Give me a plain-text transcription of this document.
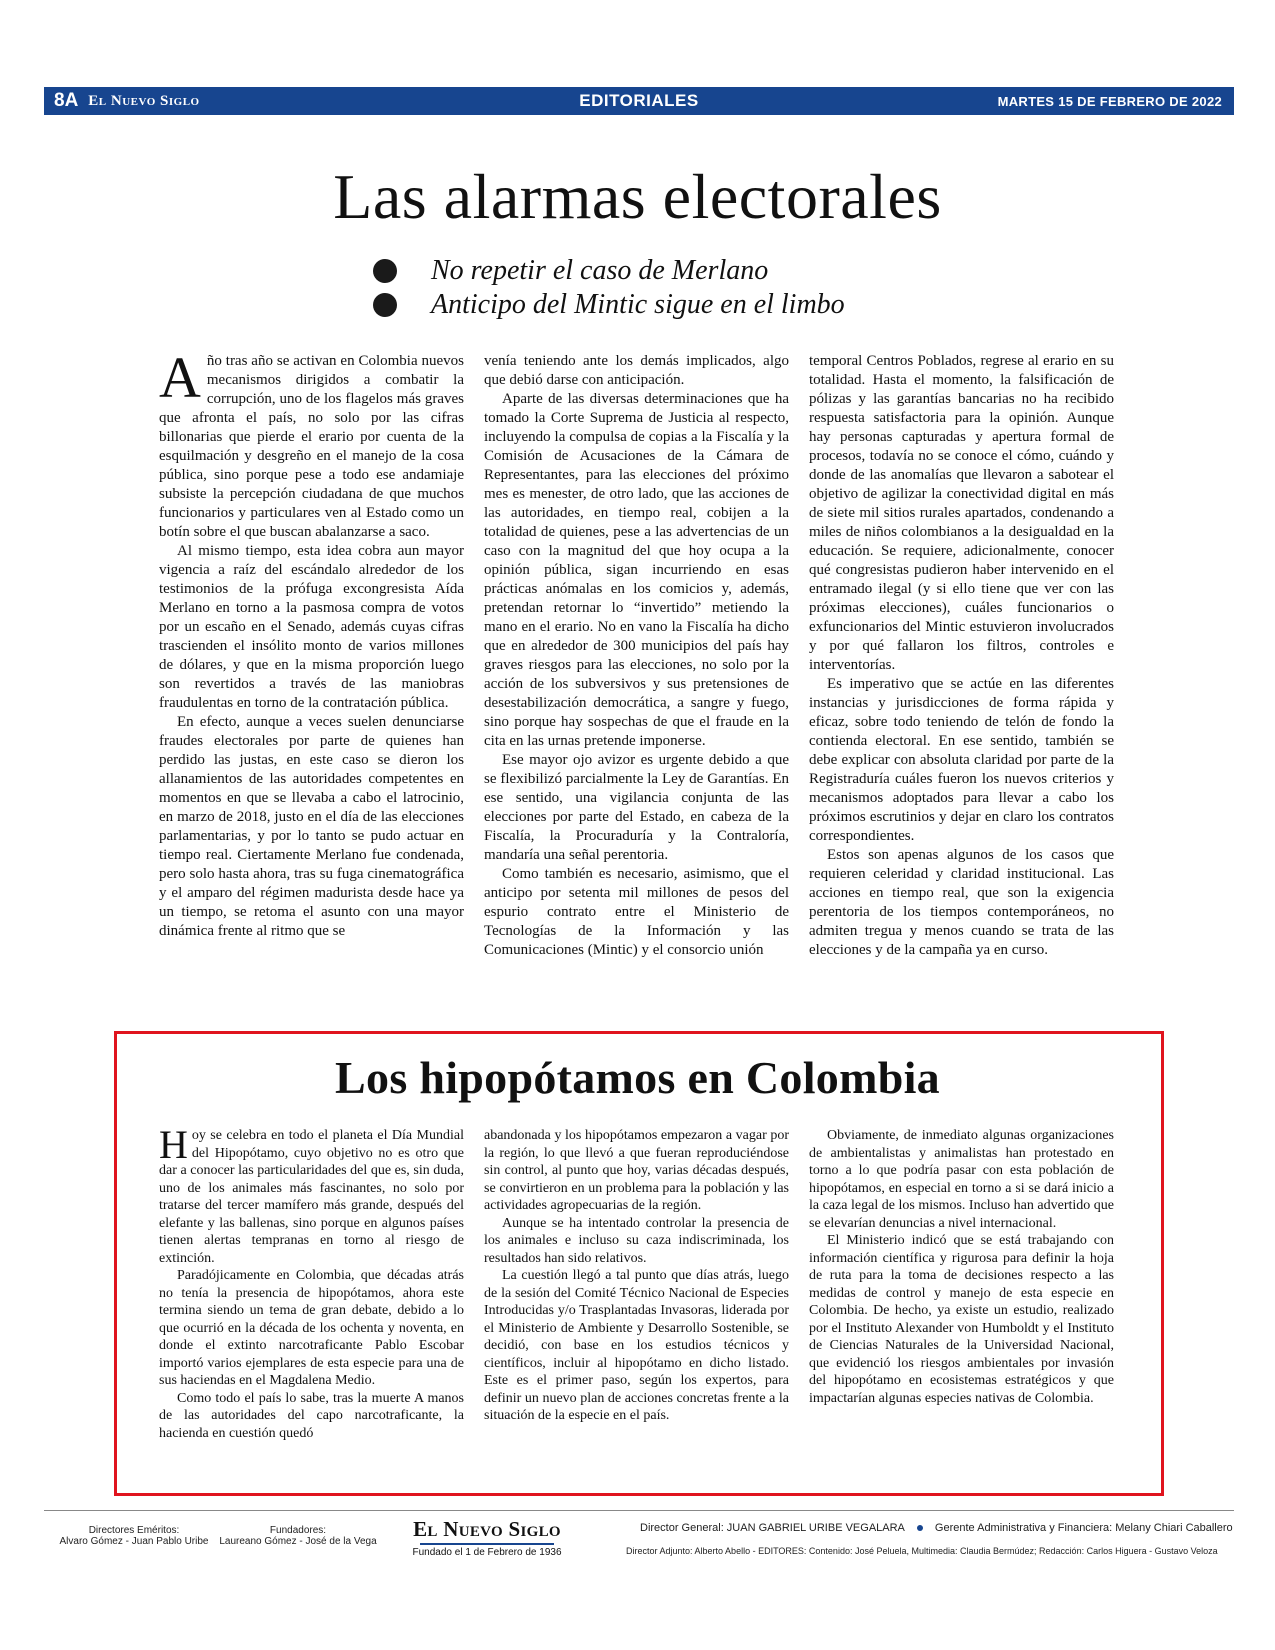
8A El Nuevo Siglo	EDITORIALES	MARTES 15 DE FEBRERO DE 2022
Las alarmas electorales
No repetir el caso de Merlano
Anticipo del Mintic sigue en el limbo

Año tras año se activan en Colombia nuevos mecanismos dirigidos a combatir la corrupción, uno de los flagelos más graves que afronta el país, no solo por las cifras billonarias que pierde el erario por cuenta de la esquilmación y desgreño en el manejo de la cosa pública, sino porque pese a todo ese andamiaje subsiste la percepción ciudadana de que muchos funcionarios y particulares ven al Estado como un botín sobre el que buscan abalanzarse a saco.

Al mismo tiempo, esta idea cobra aun mayor vigencia a raíz del escándalo alrededor de los testimonios de la prófuga excongresista Aída Merlano en torno a la pasmosa compra de votos por un escaño en el Senado, además cuyas cifras trascienden el insólito monto de varios millones de dólares, y que en la misma proporción luego son revertidos a través de las maniobras fraudulentas en torno de la contratación pública.

En efecto, aunque a veces suelen denunciarse fraudes electorales por parte de quienes han perdido las justas, en este caso se dieron los allanamientos de las autoridades competentes en momentos en que se llevaba a cabo el latrocinio, en marzo de 2018, justo en el día de las elecciones parlamentarias, y por lo tanto se pudo actuar en tiempo real. Ciertamente Merlano fue condenada, pero solo hasta ahora, tras su fuga cinematográfica y el amparo del régimen madurista desde hace ya un tiempo, se retoma el asunto con una mayor dinámica frente al ritmo que se

venía teniendo ante los demás implicados, algo que debió darse con anticipación.

Aparte de las diversas determinaciones que ha tomado la Corte Suprema de Justicia al respecto, incluyendo la compulsa de copias a la Fiscalía y la Comisión de Acusaciones de la Cámara de Representantes, para las elecciones del próximo mes es menester, de otro lado, que las acciones de las autoridades, en tiempo real, cobijen a la totalidad de quienes, pese a las advertencias de un caso con la magnitud del que hoy ocupa a la opinión pública, sigan incurriendo en esas prácticas anómalas en los comicios y, además, pretendan retornar lo “invertido” metiendo la mano en el erario. No en vano la Fiscalía ha dicho que en alrededor de 300 municipios del país hay graves riesgos para las elecciones, no solo por la acción de los subversivos y sus pretensiones de desestabilización democrática, a sangre y fuego, sino porque hay sospechas de que el fraude en la cita en las urnas pretende imponerse.

Ese mayor ojo avizor es urgente debido a que se flexibilizó parcialmente la Ley de Garantías. En ese sentido, una vigilancia conjunta de las elecciones por parte del Estado, en cabeza de la Fiscalía, la Procuraduría y la Contraloría, mandaría una señal perentoria.

Como también es necesario, asimismo, que el anticipo por setenta mil millones de pesos del espurio contrato entre el Ministerio de Tecnologías de la Información y las Comunicaciones (Mintic) y el consorcio unión

temporal Centros Poblados, regrese al erario en su totalidad. Hasta el momento, la falsificación de pólizas y las garantías bancarias no ha recibido respuesta satisfactoria para la opinión. Aunque hay personas capturadas y apertura formal de procesos, todavía no se conoce el cómo, cuándo y donde de las anomalías que llevaron a sabotear el objetivo de agilizar la conectividad digital en más de siete mil sitios rurales apartados, condenando a miles de niños colombianos a la desigualdad en la educación. Se requiere, adicionalmente, conocer qué congresistas pudieron haber intervenido en el entramado ilegal (y si ello tiene que ver con las próximas elecciones), cuáles funcionarios o exfuncionarios del Mintic estuvieron involucrados y por qué fallaron los filtros, controles e interventorías.

Es imperativo que se actúe en las diferentes instancias y jurisdicciones de forma rápida y eficaz, sobre todo teniendo de telón de fondo la contienda electoral. En ese sentido, también se debe explicar con absoluta claridad por parte de la Registraduría cuáles fueron los nuevos criterios y mecanismos adoptados para llevar a cabo los próximos escrutinios y dejar en claro los contratos correspondientes.

Estos son apenas algunos de los casos que requieren celeridad y claridad institucional. Las acciones en tiempo real, que son la exigencia perentoria de los tiempos contemporáneos, no admiten tregua y menos cuando se trata de las elecciones y de la campaña ya en curso.

Los hipopótamos en Colombia

Hoy se celebra en todo el planeta el Día Mundial del Hipopótamo, cuyo objetivo no es otro que dar a conocer las particularidades del que es, sin duda, uno de los animales más fascinantes, no solo por tratarse del tercer mamífero más grande, después del elefante y las ballenas, sino porque en algunos países tienen alertas tempranas en torno al riesgo de extinción.

Paradójicamente en Colombia, que décadas atrás no tenía la presencia de hipopótamos, ahora este termina siendo un tema de gran debate, debido a lo que ocurrió en la década de los ochenta y noventa, en donde el extinto narcotraficante Pablo Escobar importó varios ejemplares de esta especie para una de sus haciendas en el Magdalena Medio.

Como todo el país lo sabe, tras la muerte A manos de las autoridades del capo narcotraficante, la hacienda en cuestión quedó

abandonada y los hipopótamos empezaron a vagar por la región, lo que llevó a que fueran reproduciéndose sin control, al punto que hoy, varias décadas después, se convirtieron en un problema para la población y las actividades agropecuarias de la región.

Aunque se ha intentado controlar la presencia de los animales e incluso su caza indiscriminada, los resultados han sido relativos.

La cuestión llegó a tal punto que días atrás, luego de la sesión del Comité Técnico Nacional de Especies Introducidas y/o Trasplantadas Invasoras, liderada por el Ministerio de Ambiente y Desarrollo Sostenible, se decidió, con base en los estudios técnicos y científicos, incluir al hipopótamo en dicho listado. Este es el primer paso, según los expertos, para definir un nuevo plan de acciones concretas frente a la situación de la especie en el país.

Obviamente, de inmediato algunas organizaciones de ambientalistas y animalistas han protestado en torno a lo que podría pasar con esta población de hipopótamos, en especial en torno a si se dará inicio a la caza legal de los mismos. Incluso han advertido que se elevarían denuncias a nivel internacional.

El Ministerio indicó que se está trabajando con información científica y rigurosa para definir la hoja de ruta para la toma de decisiones respecto a las medidas de control y manejo de esta especie en Colombia. De hecho, ya existe un estudio, realizado por el Instituto Alexander von Humboldt y el Instituto de Ciencias Naturales de la Universidad Nacional, que evidenció los riesgos ambientales por invasión del hipopótamo en ecosistemas estratégicos y que impactarían algunas especies nativas de Colombia.

Directores Eméritos:
Alvaro Gómez - Juan Pablo Uribe
Fundadores:
Laureano Gómez - José de la Vega
El Nuevo Siglo
Fundado el 1 de Febrero de 1936
Director General: JUAN GABRIEL URIBE VEGALARA	Gerente Administrativa y Financiera: Melany Chiari Caballero
Director Adjunto: Alberto Abello - EDITORES: Contenido: José Peluela, Multimedia: Claudia Bermúdez; Redacción: Carlos Higuera - Gustavo Veloza
